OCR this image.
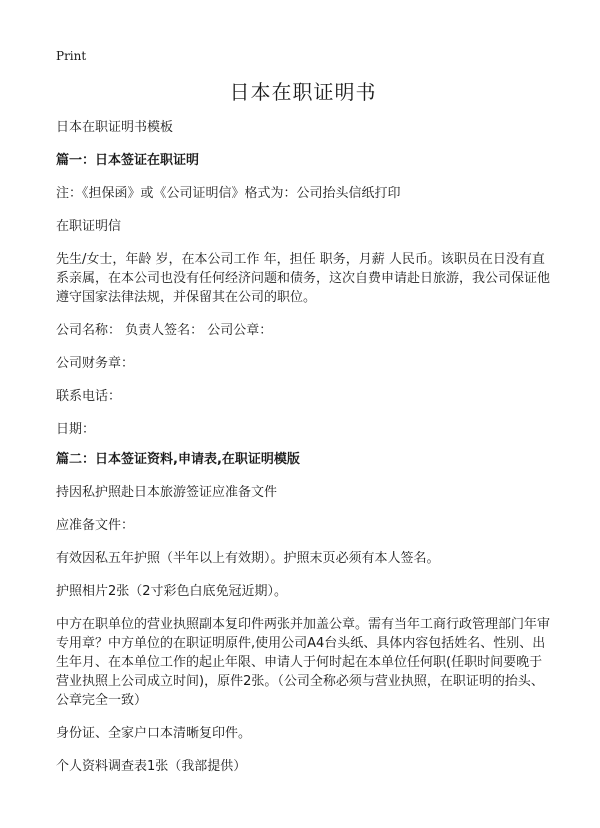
Print

日本在职证明书

日本在职证明书模板

篇一：日本签证在职证明

注：《担保函》或《公司证明信》格式为：公司抬头信纸打印

在职证明信

先生/女士，年龄 岁，在本公司工作 年，担任 职务，月薪 人民币。该职员在日没有直系亲属，在本公司也没有任何经济问题和债务，这次自费申请赴日旅游，我公司保证他遵守国家法律法规，并保留其在公司的职位。

公司名称： 负责人签名： 公司公章：

公司财务章：

联系电话：

日期：

篇二：日本签证资料,申请表,在职证明模版

持因私护照赴日本旅游签证应准备文件

应准备文件：

有效因私五年护照（半年以上有效期）。护照末页必须有本人签名。

护照相片2张（2寸彩色白底免冠近期）。

中方在职单位的营业执照副本复印件两张并加盖公章。需有当年工商行政管理部门年审专用章？中方单位的在职证明原件,使用公司A4台头纸、具体内容包括姓名、性别、出生年月、在本单位工作的起止年限、申请人于何时起在本单位任何职(任职时间要晚于营业执照上公司成立时间)，原件2张。（公司全称必须与营业执照，在职证明的抬头、公章完全一致）

身份证、全家户口本清晰复印件。

个人资料调查表1张（我部提供）
